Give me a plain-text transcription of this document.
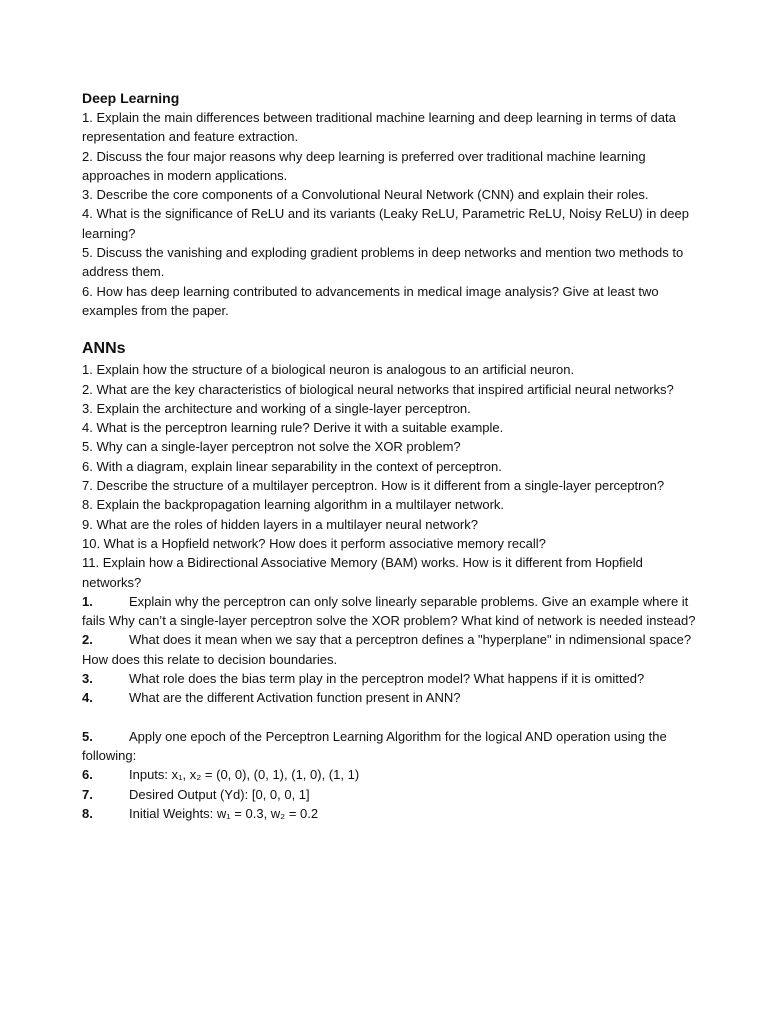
Deep Learning

1. Explain the main differences between traditional machine learning and deep learning in terms of data representation and feature extraction.

2. Discuss the four major reasons why deep learning is preferred over traditional machine learning approaches in modern applications.

3. Describe the core components of a Convolutional Neural Network (CNN) and explain their roles.

4. What is the significance of ReLU and its variants (Leaky ReLU, Parametric ReLU, Noisy ReLU) in deep learning?

5. Discuss the vanishing and exploding gradient problems in deep networks and mention two methods to address them.

6. How has deep learning contributed to advancements in medical image analysis? Give at least two examples from the paper.

ANNs

1. Explain how the structure of a biological neuron is analogous to an artificial neuron.

2. What are the key characteristics of biological neural networks that inspired artificial neural networks?

3. Explain the architecture and working of a single-layer perceptron.

4. What is the perceptron learning rule? Derive it with a suitable example.

5. Why can a single-layer perceptron not solve the XOR problem?

6. With a diagram, explain linear separability in the context of perceptron.

7. Describe the structure of a multilayer perceptron. How is it different from a single-layer perceptron?

8. Explain the backpropagation learning algorithm in a multilayer network.

9. What are the roles of hidden layers in a multilayer neural network?

10. What is a Hopfield network? How does it perform associative memory recall?

11. Explain how a Bidirectional Associative Memory (BAM) works. How is it different from Hopfield networks?

1.	Explain why the perceptron can only solve linearly separable problems. Give an example where it fails Why can’t a single-layer perceptron solve the XOR problem? What kind of network is needed instead?

2.	What does it mean when we say that a perceptron defines a "hyperplane" in ndimensional space? How does this relate to decision boundaries.

3.	What role does the bias term play in the perceptron model? What happens if it is omitted?

4.	What are the different Activation function present in ANN?

5.	Apply one epoch of the Perceptron Learning Algorithm for the logical AND operation using the following:

6.	Inputs: x₁, x₂ = (0, 0), (0, 1), (1, 0), (1, 1)

7.	Desired Output (Yd): [0, 0, 0, 1]

8.	Initial Weights: w₁ = 0.3, w₂ = 0.2
